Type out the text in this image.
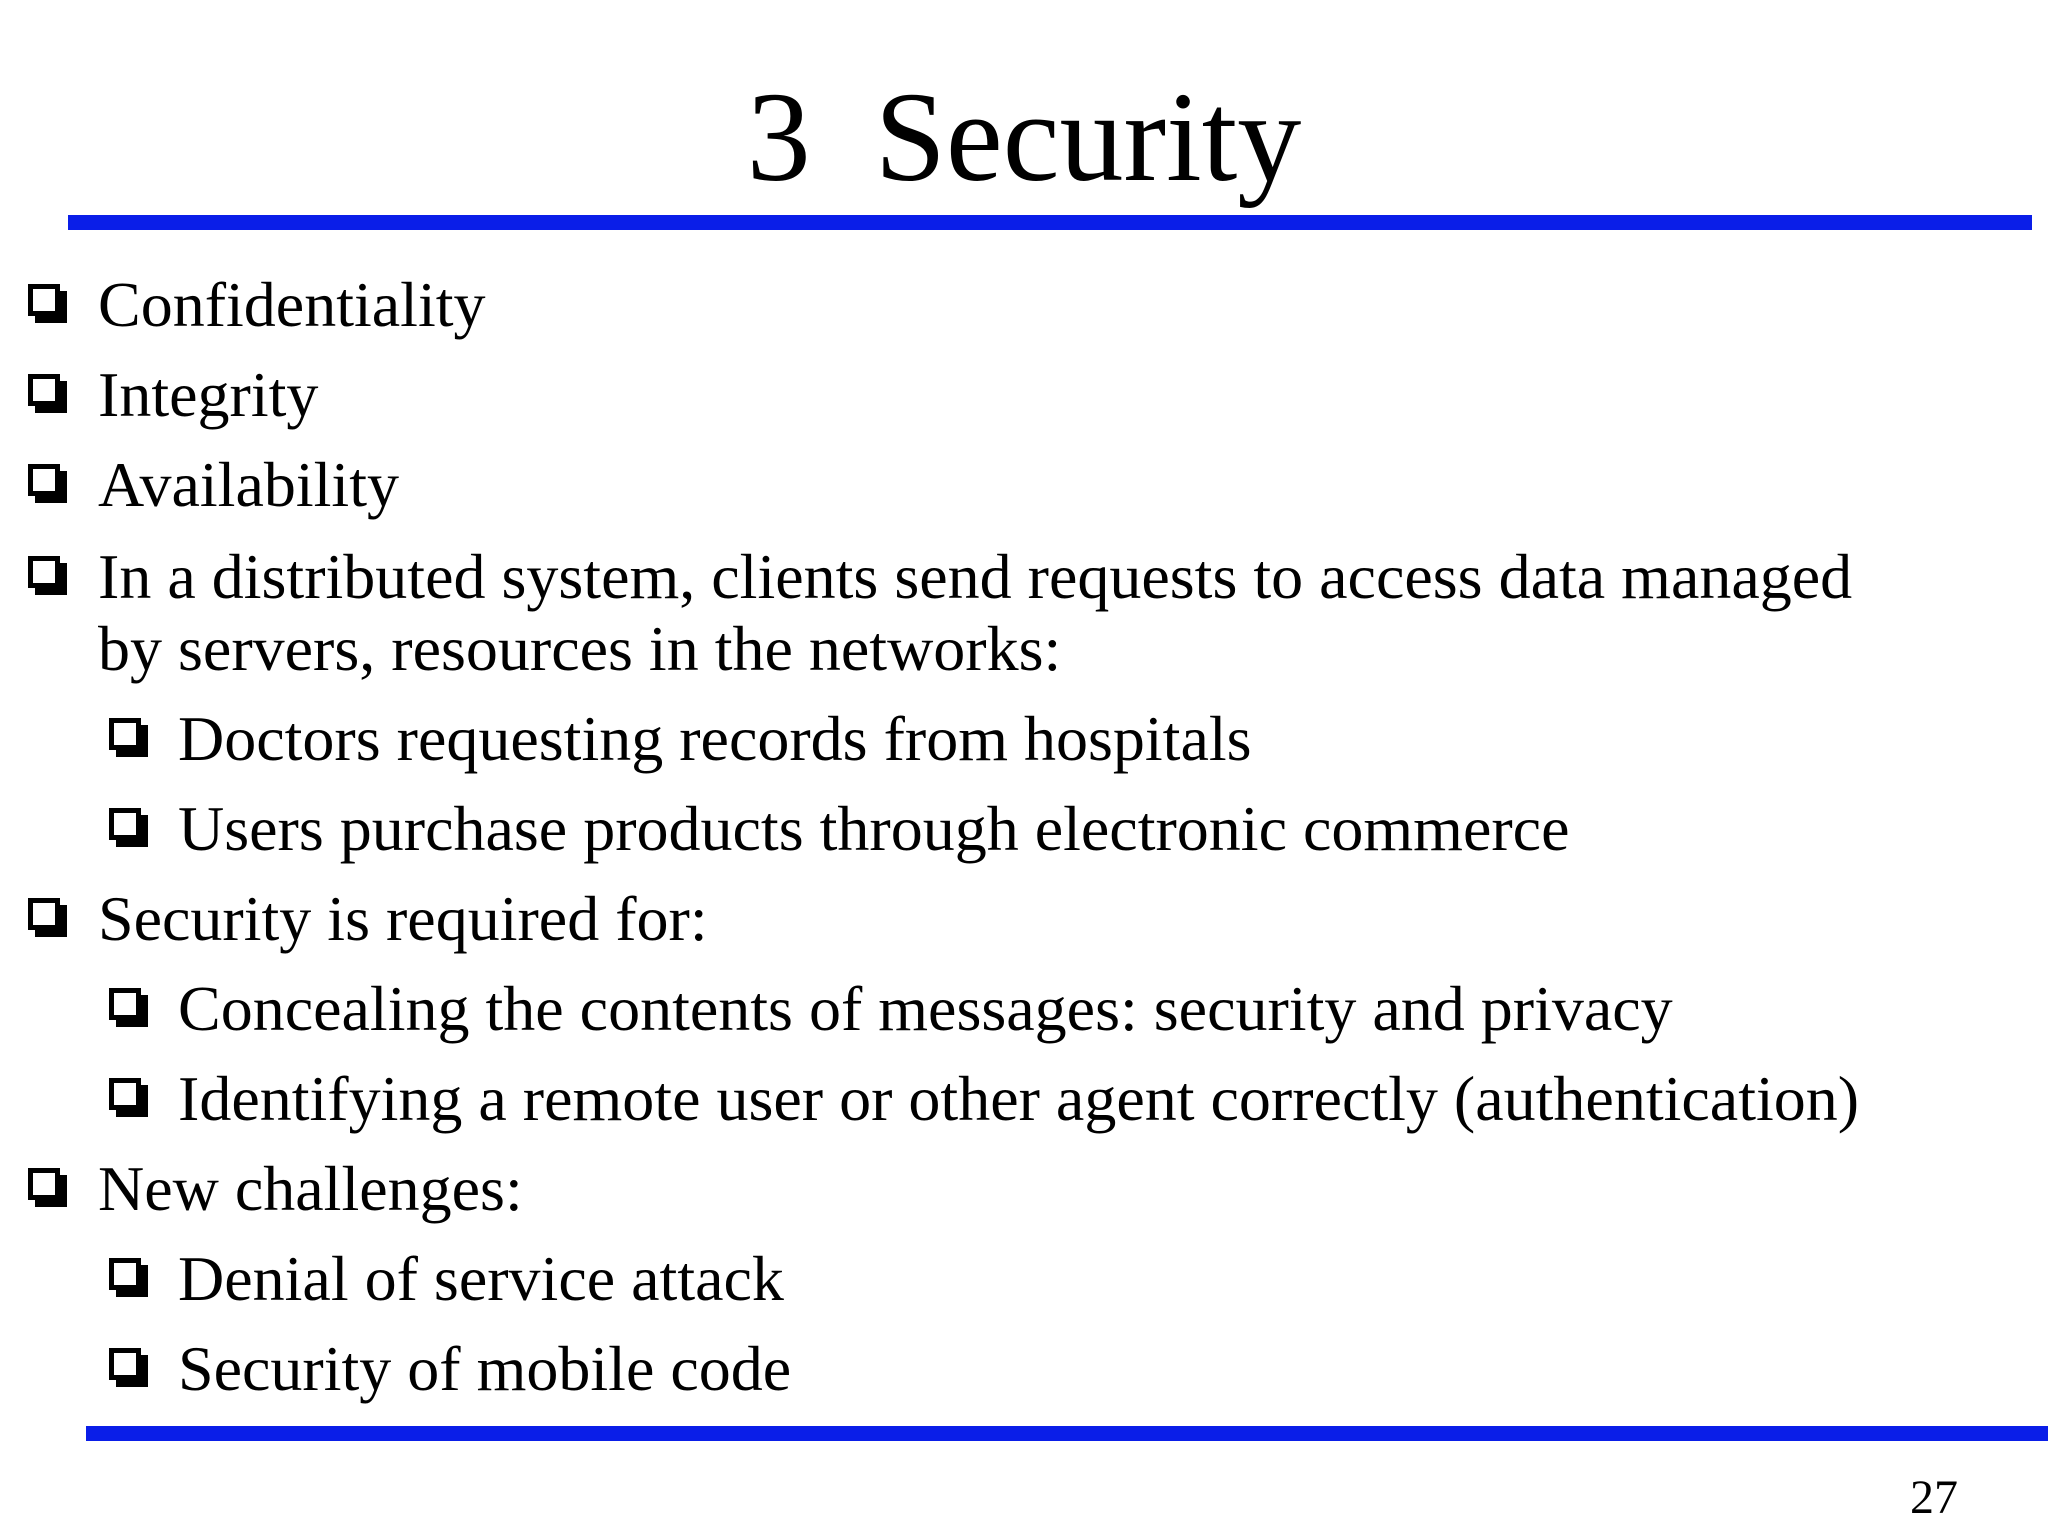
3  Security
Confidentiality
Integrity
Availability
In a distributed system, clients send requests to access data managed
by servers, resources in the networks:
Doctors requesting records from hospitals
Users purchase products through electronic commerce
Security is required for:
Concealing the contents of messages: security and privacy
Identifying a remote user or other agent correctly (authentication)
New challenges:
Denial of service attack
Security of mobile code
27
